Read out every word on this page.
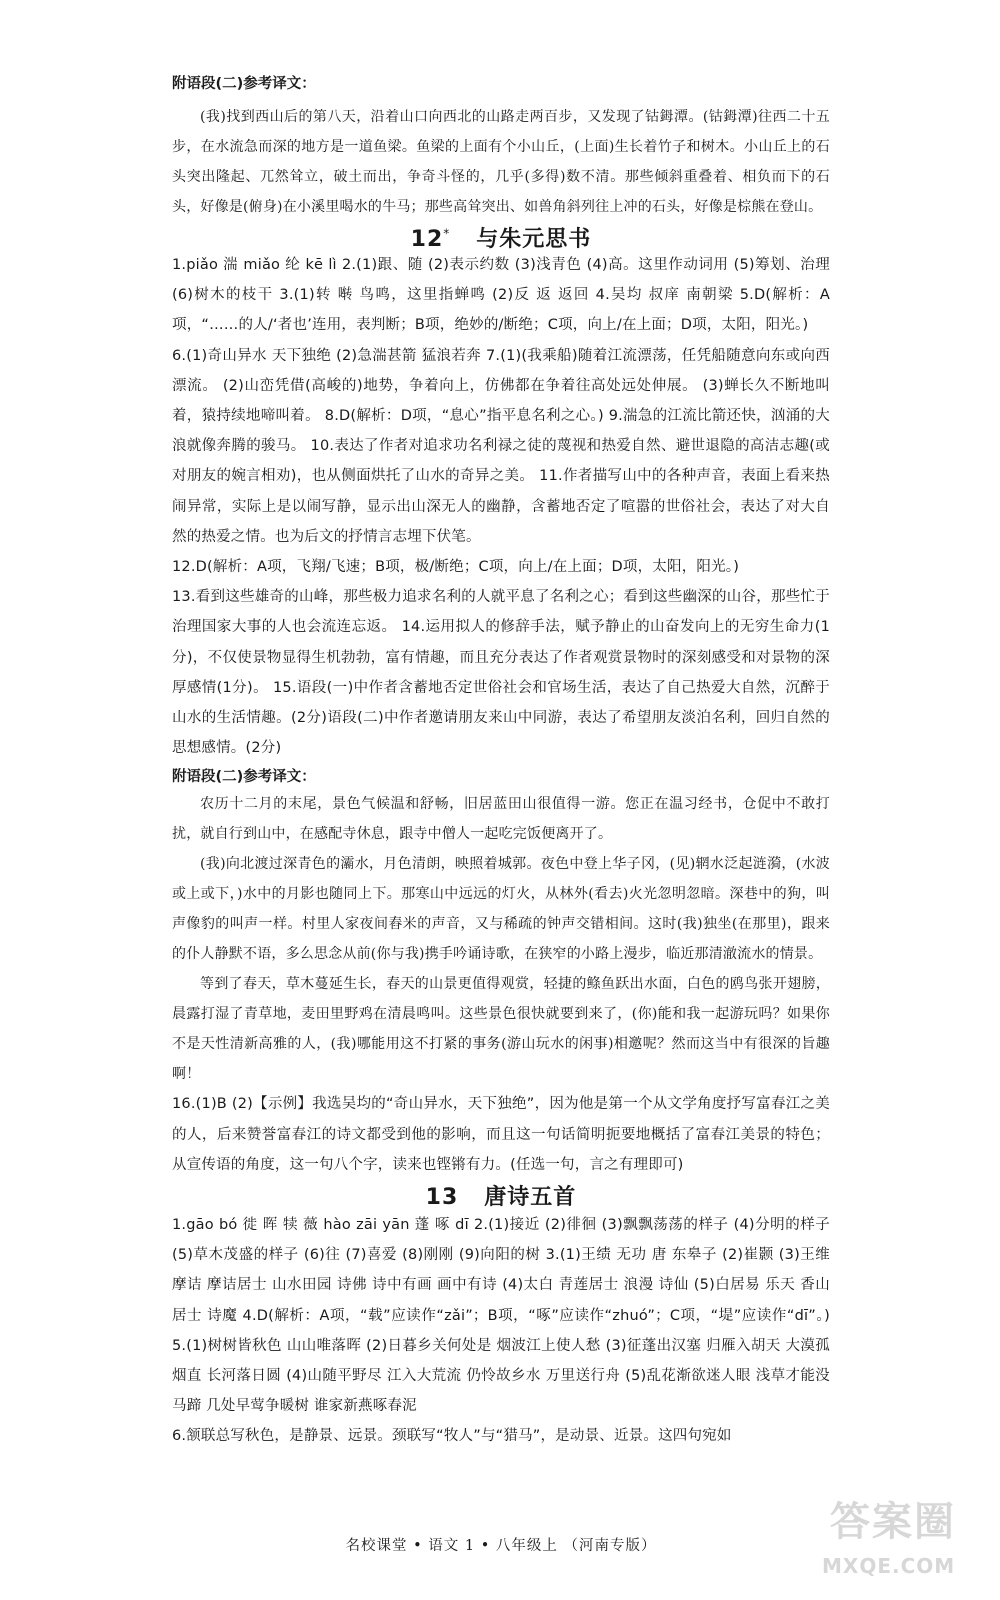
附语段(二)参考译文：

(我)找到西山后的第八天，沿着山口向西北的山路走两百步，又发现了钴鉧潭。(钴鉧潭)往西二十五步，在水流急而深的地方是一道鱼梁。鱼梁的上面有个小山丘，(上面)生长着竹子和树木。小山丘上的石头突出隆起、兀然耸立，破土而出，争奇斗怪的，几乎(多得)数不清。那些倾斜重叠着、相负而下的石头，好像是(俯身)在小溪里喝水的牛马；那些高耸突出、如兽角斜列往上冲的石头，好像是棕熊在登山。

12* 与朱元思书

1.piǎo 湍 miǎo 纶 kē lì 2.(1)跟、随 (2)表示约数 (3)浅青色 (4)高。这里作动词用 (5)筹划、治理 (6)树木的枝干 3.(1)转 啭 鸟鸣，这里指蝉鸣 (2)反 返 返回 4.吴均 叔庠 南朝梁 5.D(解析：A项，“……的人/‘者也’连用，表判断；B项，绝妙的/断绝；C项，向上/在上面；D项，太阳，阳光。)

6.(1)奇山异水 天下独绝 (2)急湍甚箭 猛浪若奔 7.(1)(我乘船)随着江流漂荡，任凭船随意向东或向西漂流。 (2)山峦凭借(高峻的)地势，争着向上，仿佛都在争着往高处远处伸展。 (3)蝉长久不断地叫着，猿持续地啼叫着。 8.D(解析：D项，“息心”指平息名利之心。) 9.湍急的江流比箭还快，汹涌的大浪就像奔腾的骏马。 10.表达了作者对追求功名利禄之徒的蔑视和热爱自然、避世退隐的高洁志趣(或对朋友的婉言相劝)，也从侧面烘托了山水的奇异之美。 11.作者描写山中的各种声音，表面上看来热闹异常，实际上是以闹写静，显示出山深无人的幽静，含蓄地否定了喧嚣的世俗社会，表达了对大自然的热爱之情。也为后文的抒情言志埋下伏笔。

12.D(解析：A项，飞翔/飞速；B项，极/断绝；C项，向上/在上面；D项，太阳，阳光。)

13.看到这些雄奇的山峰，那些极力追求名利的人就平息了名利之心；看到这些幽深的山谷，那些忙于治理国家大事的人也会流连忘返。 14.运用拟人的修辞手法，赋予静止的山奋发向上的无穷生命力(1分)，不仅使景物显得生机勃勃，富有情趣，而且充分表达了作者观赏景物时的深刻感受和对景物的深厚感情(1分)。 15.语段(一)中作者含蓄地否定世俗社会和官场生活，表达了自己热爱大自然，沉醉于山水的生活情趣。(2分)语段(二)中作者邀请朋友来山中同游，表达了希望朋友淡泊名利，回归自然的思想感情。(2分)

附语段(二)参考译文：

农历十二月的末尾，景色气候温和舒畅，旧居蓝田山很值得一游。您正在温习经书，仓促中不敢打扰，就自行到山中，在感配寺休息，跟寺中僧人一起吃完饭便离开了。

(我)向北渡过深青色的灞水，月色清朗，映照着城郭。夜色中登上华子冈，(见)辋水泛起涟漪，(水波或上或下，)水中的月影也随同上下。那寒山中远远的灯火，从林外(看去)火光忽明忽暗。深巷中的狗，叫声像豹的叫声一样。村里人家夜间舂米的声音，又与稀疏的钟声交错相间。这时(我)独坐(在那里)，跟来的仆人静默不语，多么思念从前(你与我)携手吟诵诗歌，在狭窄的小路上漫步，临近那清澈流水的情景。

等到了春天，草木蔓延生长，春天的山景更值得观赏，轻捷的鲦鱼跃出水面，白色的鸥鸟张开翅膀，晨露打湿了青草地，麦田里野鸡在清晨鸣叫。这些景色很快就要到来了，(你)能和我一起游玩吗？如果你不是天性清新高雅的人，(我)哪能用这不打紧的事务(游山玩水的闲事)相邀呢？然而这当中有很深的旨趣啊！

16.(1)B (2)【示例】我选吴均的“奇山异水，天下独绝”，因为他是第一个从文学角度抒写富春江之美的人，后来赞誉富春江的诗文都受到他的影响，而且这一句话简明扼要地概括了富春江美景的特色；从宣传语的角度，这一句八个字，读来也铿锵有力。(任选一句，言之有理即可)

13 唐诗五首

1.gāo bó 徙 晖 犊 薇 hào zāi yān 蓬 啄 dī 2.(1)接近 (2)徘徊 (3)飘飘荡荡的样子 (4)分明的样子 (5)草木茂盛的样子 (6)往 (7)喜爱 (8)刚刚 (9)向阳的树 3.(1)王绩 无功 唐 东皋子 (2)崔颢 (3)王维 摩诘 摩诘居士 山水田园 诗佛 诗中有画 画中有诗 (4)太白 青莲居士 浪漫 诗仙 (5)白居易 乐天 香山居士 诗魔 4.D(解析：A项，“载”应读作“zǎi”；B项，“啄”应读作“zhuó”；C项，“堤”应读作“dī”。) 5.(1)树树皆秋色 山山唯落晖 (2)日暮乡关何处是 烟波江上使人愁 (3)征蓬出汉塞 归雁入胡天 大漠孤烟直 长河落日圆 (4)山随平野尽 江入大荒流 仍怜故乡水 万里送行舟 (5)乱花渐欲迷人眼 浅草才能没马蹄 几处早莺争暖树 谁家新燕啄春泥

6.颔联总写秋色，是静景、远景。颈联写“牧人”与“猎马”，是动景、近景。这四句宛如

名校课堂 • 语文 1 • 八年级上 （河南专版）
答案圈
MXQE.COM
